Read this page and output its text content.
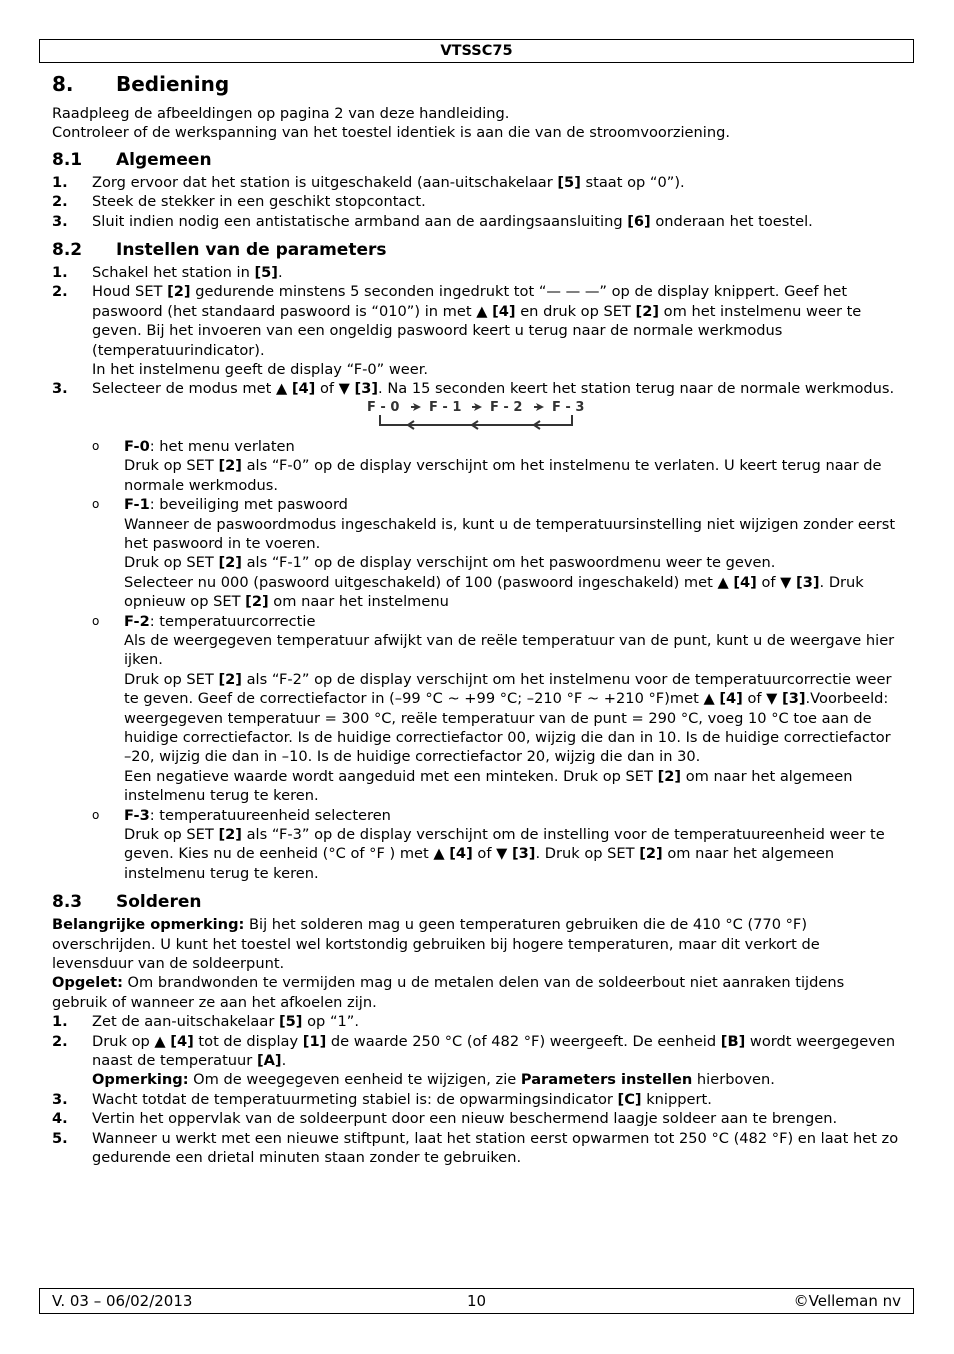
VTSSC75
8. Bediening

Raadpleeg de afbeeldingen op pagina 2 van deze handleiding.

Controleer of de werkspanning van het toestel identiek is aan die van de stroomvoorziening.

8.1 Algemeen
1. Zorg ervoor dat het station is uitgeschakeld (aan-uitschakelaar [5] staat op “0”).
2. Steek de stekker in een geschikt stopcontact.
3. Sluit indien nodig een antistatische armband aan de aardingsaansluiting [6] onderaan het toestel.
8.2 Instellen van de parameters
1. Schakel het station in [5].
2. Houd SET [2] gedurende minstens 5 seconden ingedrukt tot “— — —” op de display knippert. Geef het paswoord (het standaard paswoord is “010”) in met ▲ [4] en druk op SET [2] om het instelmenu weer te geven. Bij het invoeren van een ongeldig paswoord keert u terug naar de normale werkmodus (temperatuurindicator).
In het instelmenu geeft de display “F-0” weer.
3. Selecteer de modus met ▲ [4] of ▼ [3]. Na 15 seconden keert het station terug naar de normale werkmodus.
F - 0 F - 1 F - 2 F - 3
o F-0: het menu verlaten
Druk op SET [2] als “F-0” op de display verschijnt om het instelmenu te verlaten. U keert terug naar de normale werkmodus.
o F-1: beveiliging met paswoord
Wanneer de paswoordmodus ingeschakeld is, kunt u de temperatuursinstelling niet wijzigen zonder eerst het paswoord in te voeren.
Druk op SET [2] als “F-1” op de display verschijnt om het paswoordmenu weer te geven.
Selecteer nu 000 (paswoord uitgeschakeld) of 100 (paswoord ingeschakeld) met ▲ [4] of ▼ [3]. Druk opnieuw op SET [2] om naar het instelmenu
o F-2: temperatuurcorrectie
Als de weergegeven temperatuur afwijkt van de reële temperatuur van de punt, kunt u de weergave hier ijken.
Druk op SET [2] als “F-2” op de display verschijnt om het instelmenu voor de temperatuurcorrectie weer te geven. Geef de correctiefactor in (–99 °C ~ +99 °C; –210 °F ~ +210 °F)met ▲ [4] of ▼ [3].Voorbeeld: weergegeven temperatuur = 300 °C, reële temperatuur van de punt = 290 °C, voeg 10 °C toe aan de huidige correctiefactor. Is de huidige correctiefactor 00, wijzig die dan in 10. Is de huidige correctiefactor –20, wijzig die dan in –10. Is de huidige correctiefactor 20, wijzig die dan in 30.
Een negatieve waarde wordt aangeduid met een minteken. Druk op SET [2] om naar het algemeen instelmenu terug te keren.
o F-3: temperatuureenheid selecteren
Druk op SET [2] als “F-3” op de display verschijnt om de instelling voor de temperatuureenheid weer te geven. Kies nu de eenheid (°C of °F ) met ▲ [4] of ▼ [3]. Druk op SET [2] om naar het algemeen instelmenu terug te keren.
8.3 Solderen

Belangrijke opmerking: Bij het solderen mag u geen temperaturen gebruiken die de 410 °C (770 °F) overschrijden. U kunt het toestel wel kortstondig gebruiken bij hogere temperaturen, maar dit verkort de levensduur van de soldeerpunt.

Opgelet: Om brandwonden te vermijden mag u de metalen delen van de soldeerbout niet aanraken tijdens gebruik of wanneer ze aan het afkoelen zijn.

1. Zet de aan-uitschakelaar [5] op “1”.
2. Druk op ▲ [4] tot de display [1] de waarde 250 °C (of 482 °F) weergeeft. De eenheid [B] wordt weergegeven naast de temperatuur [A].
Opmerking: Om de weegegeven eenheid te wijzigen, zie Parameters instellen hierboven.
3. Wacht totdat de temperatuurmeting stabiel is: de opwarmingsindicator [C] knippert.
4. Vertin het oppervlak van de soldeerpunt door een nieuw beschermend laagje soldeer aan te brengen.
5. Wanneer u werkt met een nieuwe stiftpunt, laat het station eerst opwarmen tot 250 °C (482 °F) en laat het zo gedurende een drietal minuten staan zonder te gebruiken.
V. 03 – 06/02/2013	10	©Velleman nv
